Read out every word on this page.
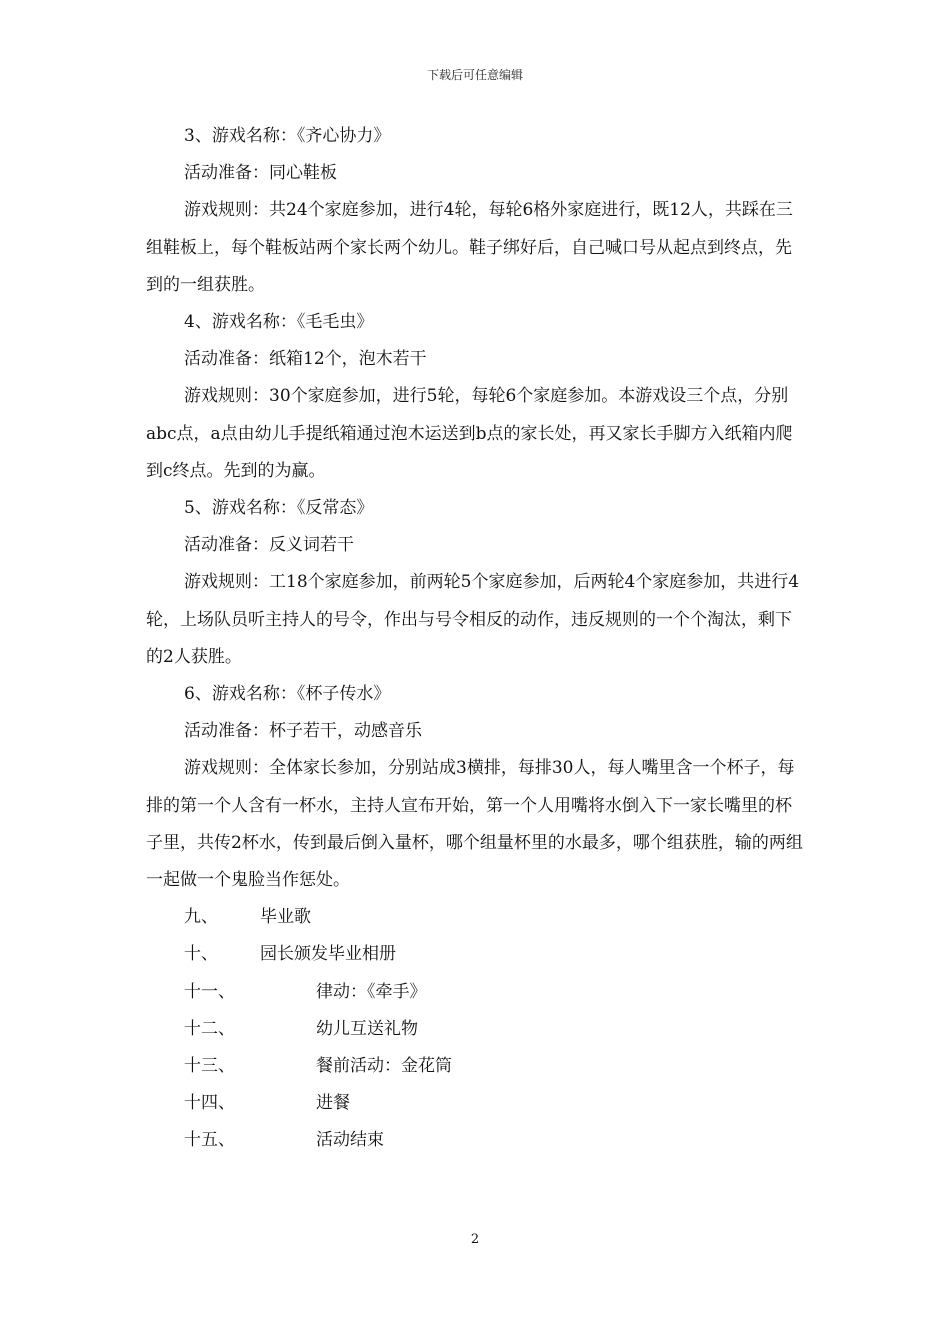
下载后可任意编辑

3、游戏名称：《齐心协力》

活动准备：同心鞋板

游戏规则：共24个家庭参加，进行4轮，每轮6格外家庭进行，既12人，共踩在三组鞋板上，每个鞋板站两个家长两个幼儿。鞋子绑好后，自己喊口号从起点到终点，先到的一组获胜。

4、游戏名称：《毛毛虫》

活动准备：纸箱12个，泡木若干

游戏规则：30个家庭参加，进行5轮，每轮6个家庭参加。本游戏设三个点，分别abc点，a点由幼儿手提纸箱通过泡木运送到b点的家长处，再又家长手脚方入纸箱内爬到c终点。先到的为赢。

5、游戏名称：《反常态》

活动准备：反义词若干

游戏规则：工18个家庭参加，前两轮5个家庭参加，后两轮4个家庭参加，共进行4轮，上场队员听主持人的号令，作出与号令相反的动作，违反规则的一个个淘汰，剩下的2人获胜。

6、游戏名称：《杯子传水》

活动准备：杯子若干，动感音乐

游戏规则：全体家长参加，分别站成3横排，每排30人，每人嘴里含一个杯子，每排的第一个人含有一杯水，主持人宣布开始，第一个人用嘴将水倒入下一家长嘴里的杯子里，共传2杯水，传到最后倒入量杯，哪个组量杯里的水最多，哪个组获胜，输的两组一起做一个鬼脸当作惩处。

九、	毕业歌
十、	园长颁发毕业相册
十一、	律动：《牵手》
十二、	幼儿互送礼物
十三、	餐前活动：金花筒
十四、	进餐
十五、	活动结束
2
